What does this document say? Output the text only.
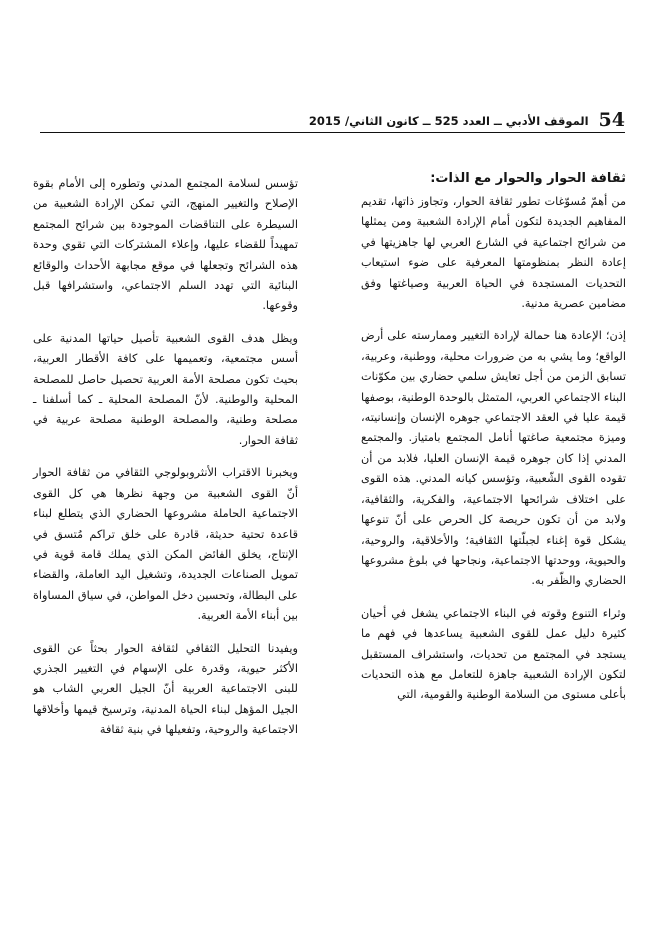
54
الموقف الأدبي ــ العدد 525 ــ كانون الثاني/ 2015
ثقافة الحوار والحوار مع الذات:

من أهمّ مُسوّغات تطور ثقافة الحوار، وتجاوز ذاتها، تقديم المفاهيم الجديدة لتكون أمام الإرادة الشعبية ومن يمثلها من شرائح اجتماعية في الشارع العربي لها جاهزيتها في إعادة النظر بمنظومتها المعرفية على ضوء استيعاب التحديات المستجدة في الحياة العربية وصياغتها وفق مضامين عصرية مدنية.

إذن؛ الإعادة هنا حمالة لإرادة التغيير وممارسته على أرض الواقع؛ وما يشي به من ضرورات محلية، ووطنية، وعربية، تسابق الزمن من أجل تعايش سلمي حضاري بين مكوّنات البناء الاجتماعي العربي، المتمثل بالوحدة الوطنية، بوصفها قيمة عليا في العقد الاجتماعي جوهره الإنسان وإنسانيته، وميزة مجتمعية صاغتها أنامل المجتمع بامتياز. والمجتمع المدني إذا كان جوهره قيمة الإنسان العليا، فلابد من أن تقوده القوى الشّعبية، وتؤسس كيانه المدني. هذه القوى على اختلاف شرائحها الاجتماعية، والفكرية، والثقافية، ولابد من أن تكون حريصة كل الحرص على أنّ تنوعها يشكل قوة إغناء لجبلّتها الثقافية؛ والأخلاقية، والروحية، والحيوية، ووحدتها الاجتماعية، ونجاحها في بلوغ مشروعها الحضاري والظّفر به.

وثراء التنوع وقوته في البناء الاجتماعي يشغل في أحيان كثيرة دليل عمل للقوى الشعبية يساعدها في فهم ما يستجد في المجتمع من تحديات، واستشراف المستقبل لتكون الإرادة الشعبية جاهزة للتعامل مع هذه التحديات بأعلى مستوى من السلامة الوطنية والقومية، التي

تؤسس لسلامة المجتمع المدني وتطوره إلى الأمام بقوة الإصلاح والتغيير المنهج، التي تمكن الإرادة الشعبية من السيطرة على التناقضات الموجودة بين شرائح المجتمع تمهيداً للقضاء عليها، وإعلاء المشتركات التي تقوي وحدة هذه الشرائح وتجعلها في موقع مجابهة الأحداث والوقائع البنائية التي تهدد السلم الاجتماعي، واستشرافها قبل وقوعها.

ويظل هدف القوى الشعبية تأصيل حياتها المدنية على أسس مجتمعية، وتعميمها على كافة الأقطار العربية، بحيث تكون مصلحة الأمة العربية تحصيل حاصل للمصلحة المحلية والوطنية. لأنّ المصلحة المحلية ـ كما أسلفنا ـ مصلحة وطنية، والمصلحة الوطنية مصلحة عربية في ثقافة الحوار.

ويخبرنا الاقتراب الأنثروبولوجي الثقافي من ثقافة الحوار أنّ القوى الشعبية من وجهة نظرها هي كل القوى الاجتماعية الحاملة مشروعها الحضاري الذي يتطلع لبناء قاعدة تحتية حديثة، قادرة على خلق تراكم مُتسق في الإنتاج، يخلق الفائض المكن الذي يملك قامة قوية في تمويل الصناعات الجديدة، وتشغيل اليد العاملة، والقضاء على البطالة، وتحسين دخل المواطن، في سياق المساواة بين أبناء الأمة العربية.

ويفيدنا التحليل الثقافي لثقافة الحوار بحثاً عن القوى الأكثر حيوية، وقدرة على الإسهام في التغيير الجذري للبنى الاجتماعية العربية أنّ الجيل العربي الشاب هو الجيل المؤهل لبناء الحياة المدنية، وترسيخ قيمها وأخلاقها الاجتماعية والروحية، وتفعيلها في بنية ثقافة
